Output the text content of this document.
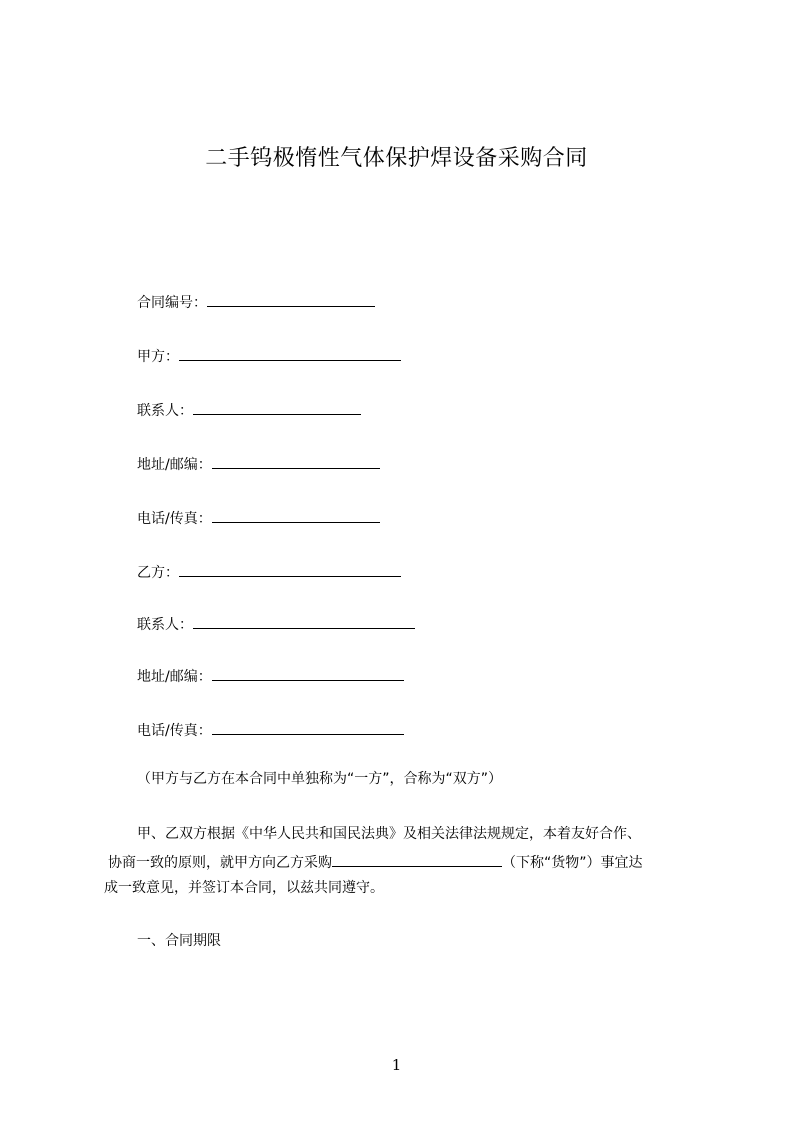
二手钨极惰性气体保护焊设备采购合同
合同编号：
甲方：
联系人：
地址/邮编：
电话/传真：
乙方：
联系人：
地址/邮编：
电话/传真：
（甲方与乙方在本合同中单独称为“一方”，合称为“双方”）
甲、乙双方根据《中华人民共和国民法典》及相关法律法规规定，本着友好合作、
协商一致的原则，就甲方向乙方采购	（下称“货物”）事宜达
成一致意见，并签订本合同，以兹共同遵守。
一、合同期限
1
